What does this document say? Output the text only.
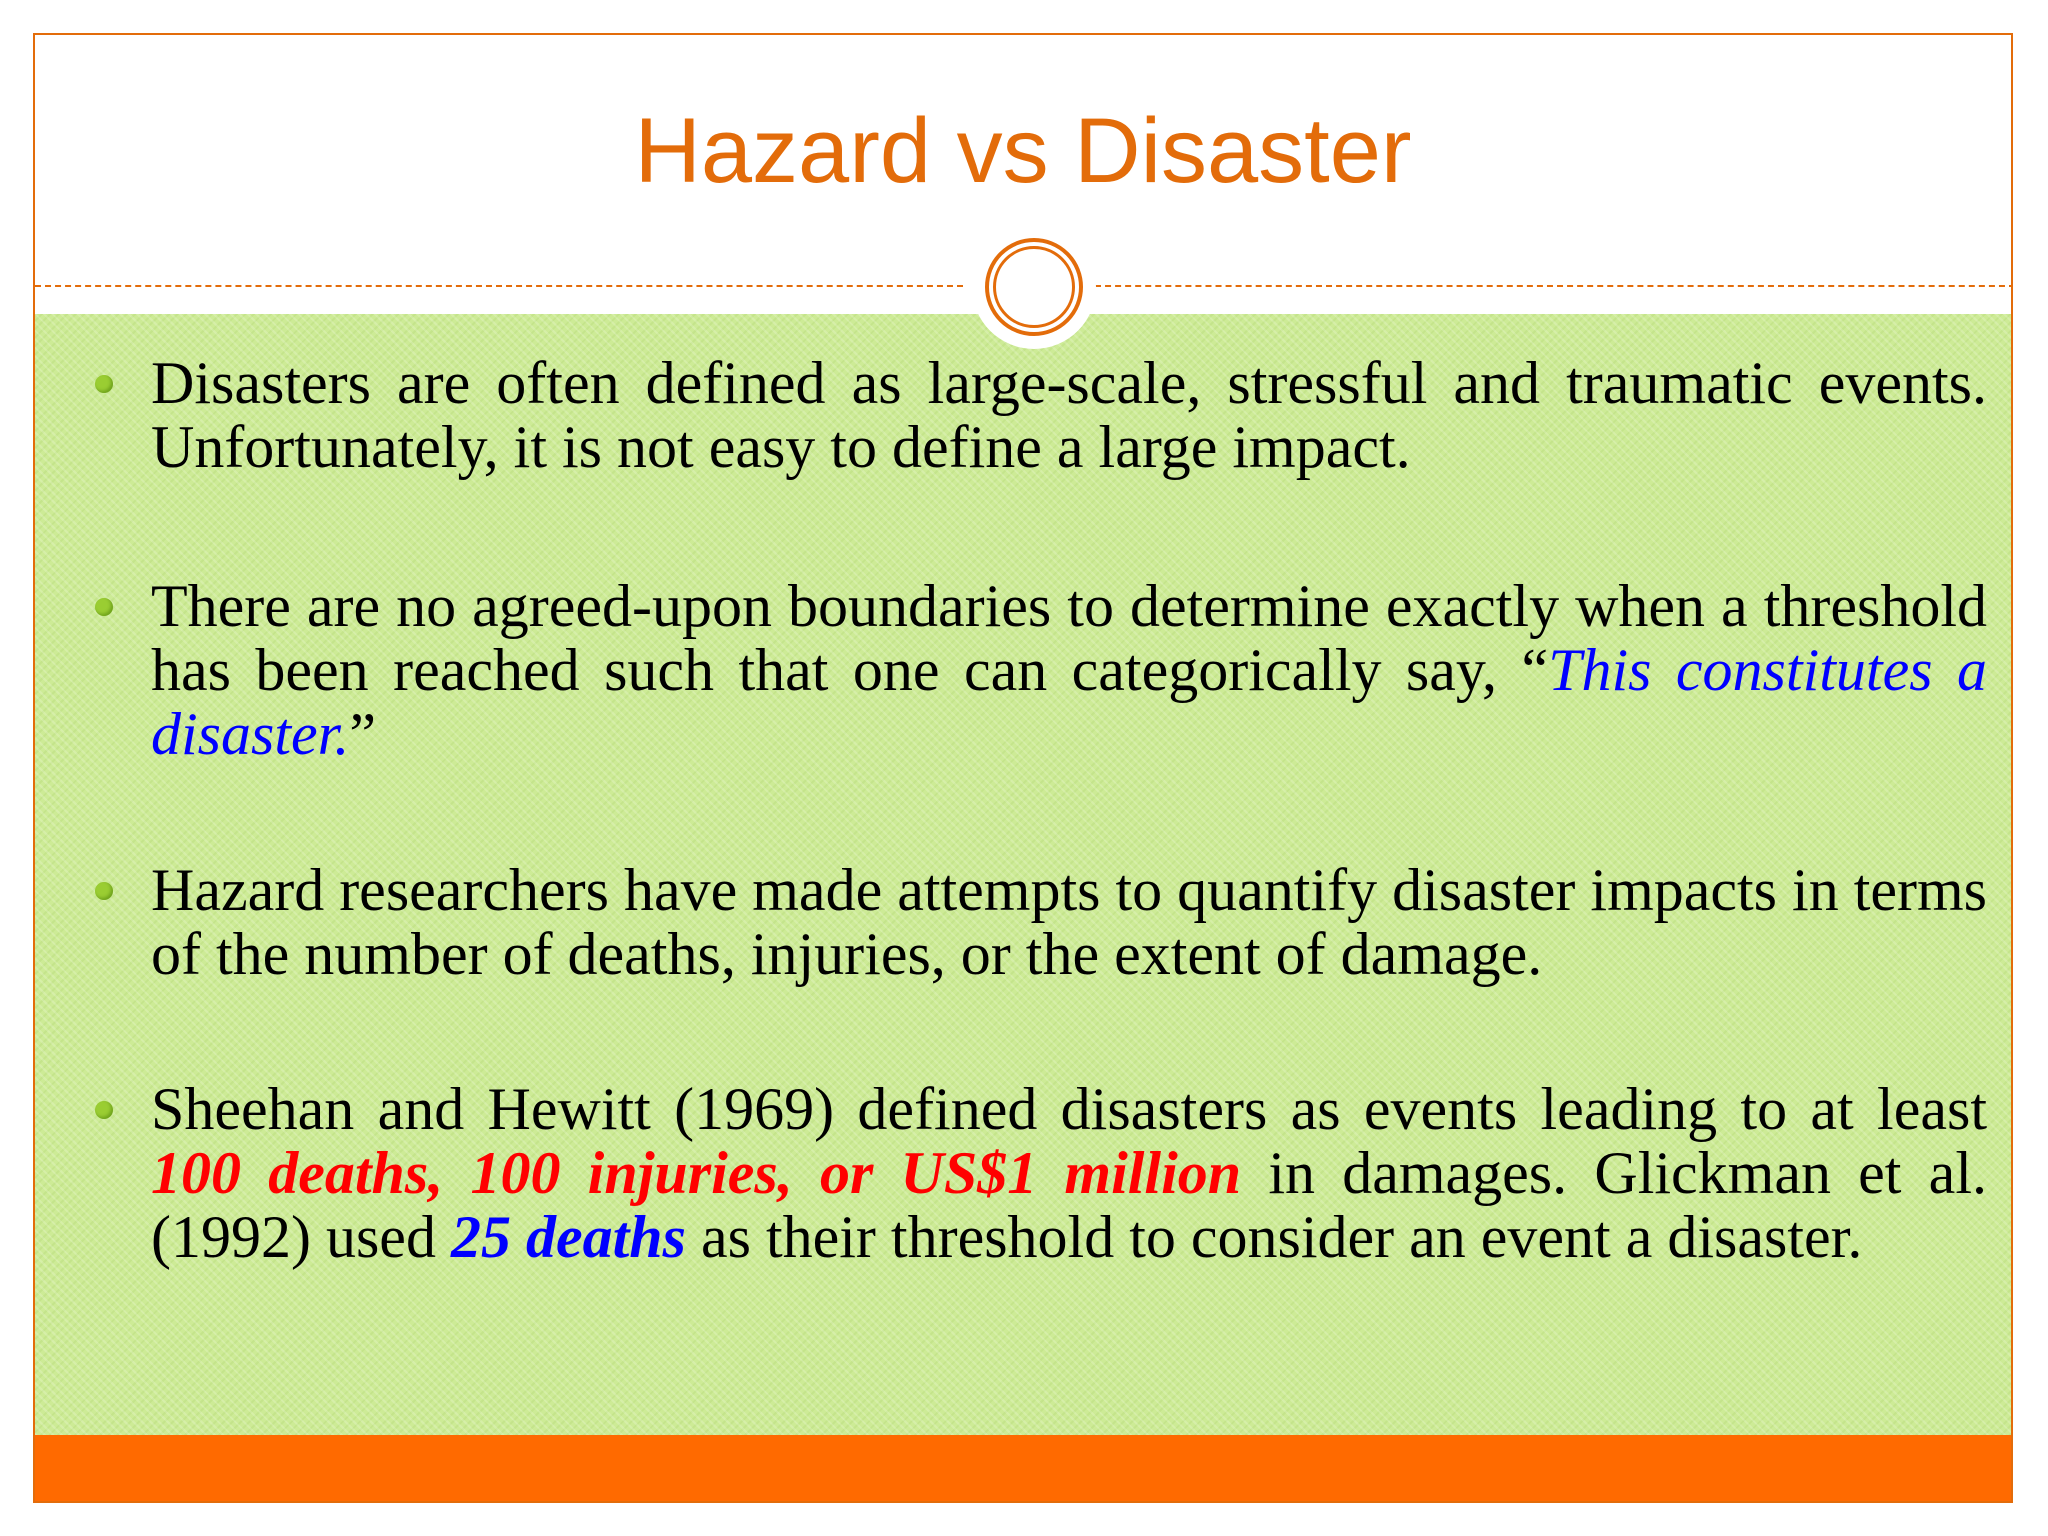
Hazard vs Disaster
Disasters are often defined as large-scale, stressful and traumatic events. Unfortunately, it is not easy to define a large impact.
There are no agreed-upon boundaries to determine exactly when a threshold has been reached such that one can categorically say, “This constitutes a disaster.”
Hazard researchers have made attempts to quantify disaster impacts in terms of the number of deaths, injuries, or the extent of damage.
Sheehan and Hewitt (1969) defined disasters as events leading to at least 100 deaths, 100 injuries, or US$1 million in damages. Glickman et al. (1992) used 25 deaths as their threshold to consider an event a disaster.
